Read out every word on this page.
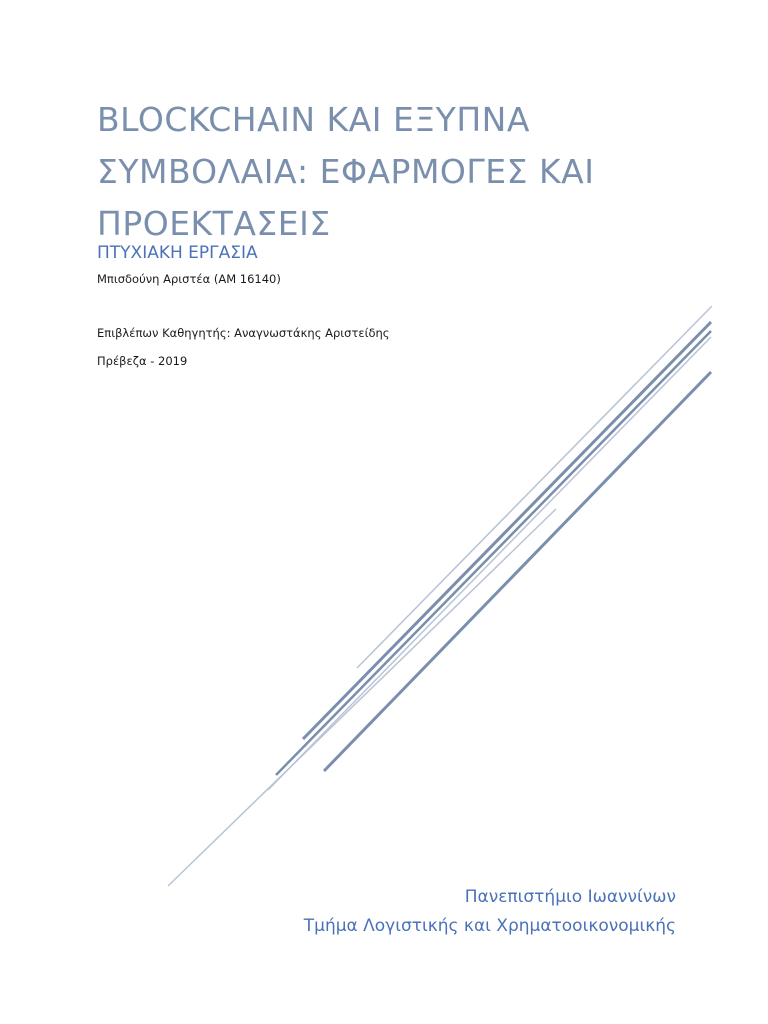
BLOCKCHAIN ΚΑΙ ΕΞΥΠΝΑ
ΣΥΜΒΟΛΑΙΑ: ΕΦΑΡΜΟΓΕΣ ΚΑΙ
ΠΡΟΕΚΤΑΣΕΙΣ
ΠΤΥΧΙΑΚΗ ΕΡΓΑΣΙΑ
Μπισδούνη Αριστέα (ΑΜ 16140)
Επιβλέπων Καθηγητής: Αναγνωστάκης Αριστείδης
Πρέβεζα - 2019
Πανεπιστήμιο Ιωαννίνων
Τμήμα Λογιστικής και Χρηματοοικονομικής
